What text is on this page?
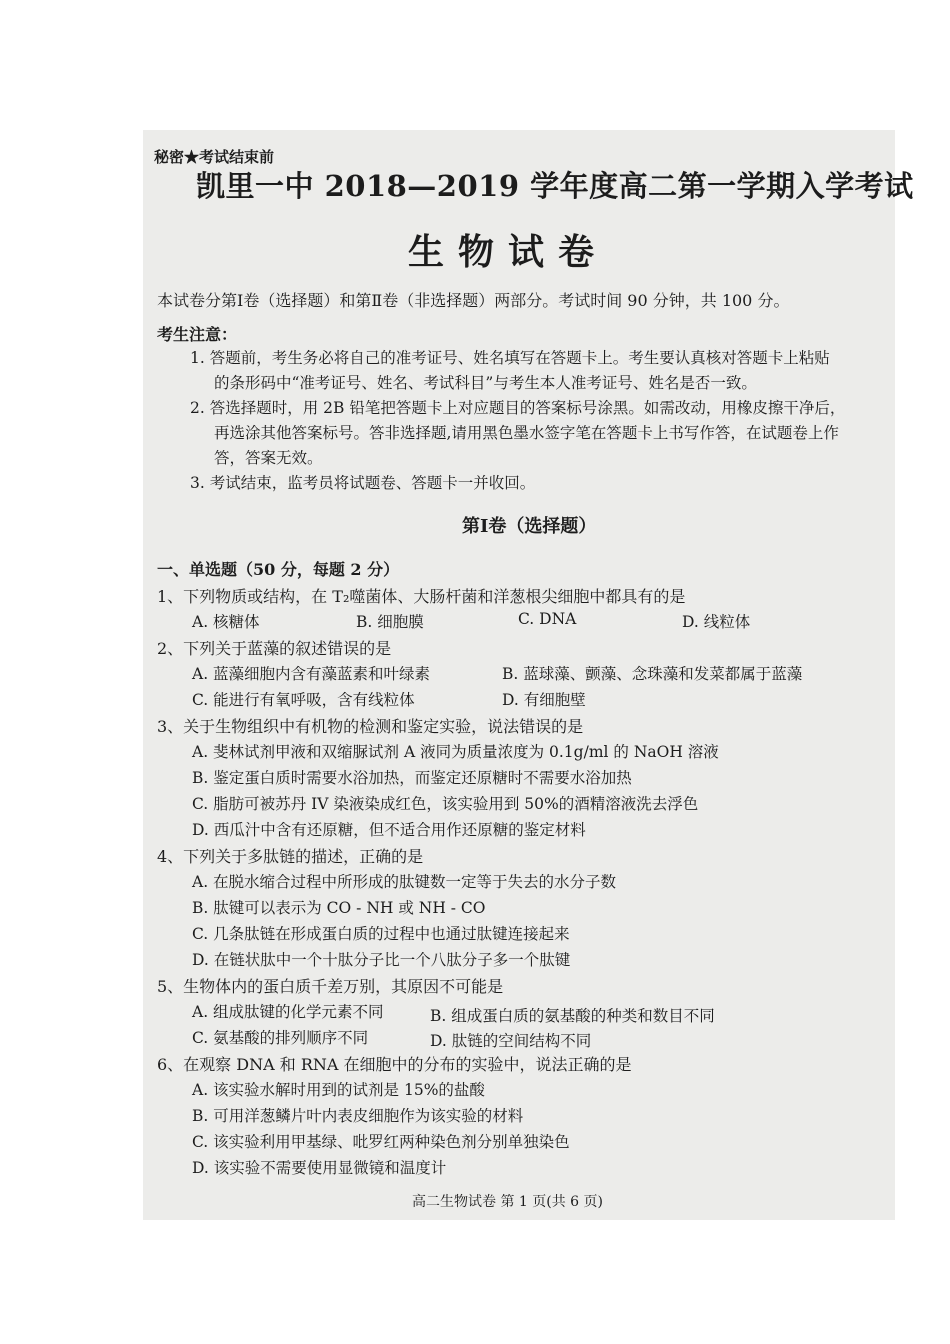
秘密★考试结束前
凯里一中 2018—2019 学年度高二第一学期入学考试
生物试卷
本试卷分第Ⅰ卷（选择题）和第Ⅱ卷（非选择题）两部分。考试时间 90 分钟，共 100 分。
考生注意：
1. 答题前，考生务必将自己的准考证号、姓名填写在答题卡上。考生要认真核对答题卡上粘贴
的条形码中“准考证号、姓名、考试科目”与考生本人准考证号、姓名是否一致。
2. 答选择题时，用 2B 铅笔把答题卡上对应题目的答案标号涂黑。如需改动，用橡皮擦干净后，
再选涂其他答案标号。答非选择题,请用黑色墨水签字笔在答题卡上书写作答，在试题卷上作
答，答案无效。
3. 考试结束，监考员将试题卷、答题卡一并收回。
第Ⅰ卷（选择题）
一、单选题（50 分，每题 2 分）
1、下列物质或结构，在 T₂噬菌体、大肠杆菌和洋葱根尖细胞中都具有的是
A. 核糖体	B. 细胞膜	C. DNA	D. 线粒体
2、下列关于蓝藻的叙述错误的是
A. 蓝藻细胞内含有藻蓝素和叶绿素	B. 蓝球藻、颤藻、念珠藻和发菜都属于蓝藻
C. 能进行有氧呼吸，含有线粒体	D. 有细胞壁
3、关于生物组织中有机物的检测和鉴定实验，说法错误的是
A. 斐林试剂甲液和双缩脲试剂 A 液同为质量浓度为 0.1g/ml 的 NaOH 溶液
B. 鉴定蛋白质时需要水浴加热，而鉴定还原糖时不需要水浴加热
C. 脂肪可被苏丹 IV 染液染成红色，该实验用到 50%的酒精溶液洗去浮色
D. 西瓜汁中含有还原糖，但不适合用作还原糖的鉴定材料
4、下列关于多肽链的描述，正确的是
A. 在脱水缩合过程中所形成的肽键数一定等于失去的水分子数
B. 肽键可以表示为 CO - NH 或 NH - CO
C. 几条肽链在形成蛋白质的过程中也通过肽键连接起来
D. 在链状肽中一个十肽分子比一个八肽分子多一个肽键
5、生物体内的蛋白质千差万别，其原因不可能是
A. 组成肽键的化学元素不同	B. 组成蛋白质的氨基酸的种类和数目不同
C. 氨基酸的排列顺序不同	D. 肽链的空间结构不同
6、在观察 DNA 和 RNA 在细胞中的分布的实验中，说法正确的是
A. 该实验水解时用到的试剂是 15%的盐酸
B. 可用洋葱鳞片叶内表皮细胞作为该实验的材料
C. 该实验利用甲基绿、吡罗红两种染色剂分别单独染色
D. 该实验不需要使用显微镜和温度计
高二生物试卷 第 1 页(共 6 页)
